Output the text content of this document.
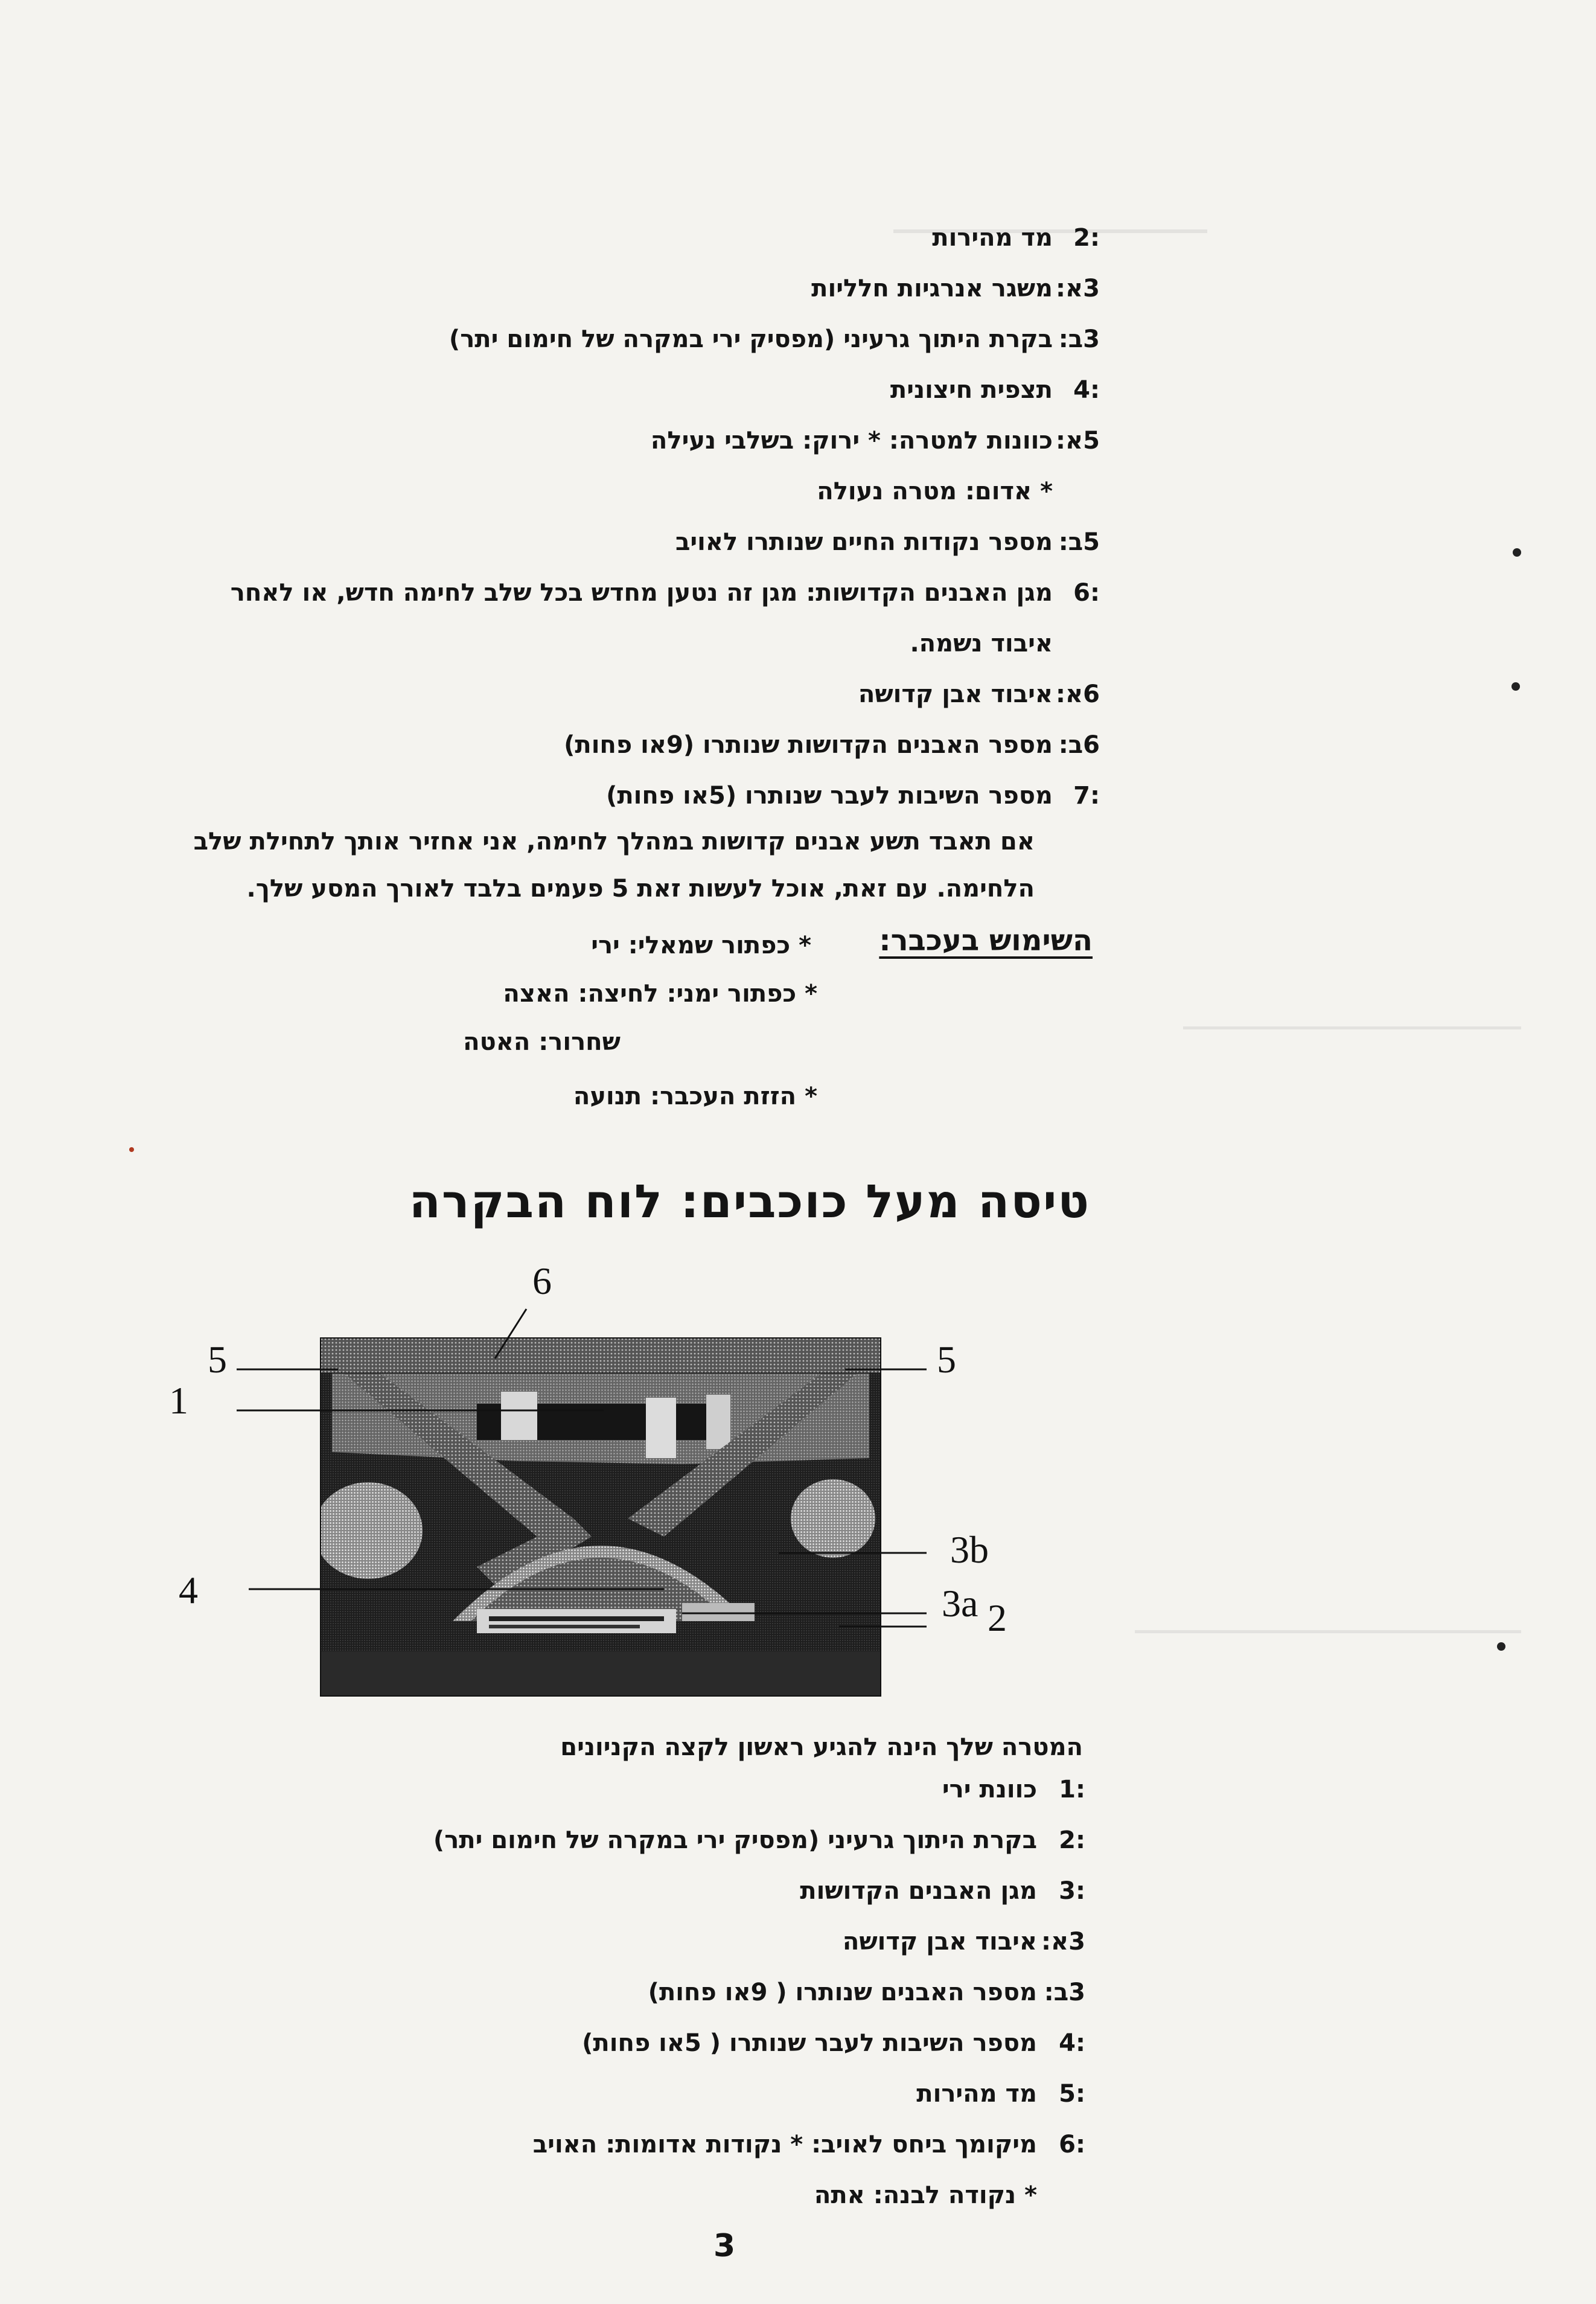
2:
מד מהירות
3א:
משגר אנרגיות חלליות
3ב:
בקרת היתוך גרעיני (מפסיק ירי במקרה של חימום יתר)
4:
תצפית חיצונית
5א:
כוונות למטרה: * ירוק: בשלבי נעילה
* אדום: מטרה נעולה
5ב:
מספר נקודות החיים שנותרו לאויב
6:
מגן האבנים הקדושות: מגן זה נטען מחדש בכל שלב לחימה חדש, או לאחר
איבוד נשמה.
6א:
איבוד אבן קדושה
6ב:
מספר האבנים הקדושות שנותרו (9או פחות)
7:
מספר השיבות לעבר שנותרו (5או פחות)
אם תאבד תשע אבנים קדושות במהלך לחימה, אני אחזיר אותך לתחילת שלב
הלחימה. עם זאת, אוכל לעשות זאת 5 פעמים בלבד לאורך המסע שלך.
השימוש בעכבר:
* כפתור שמאלי: ירי
* כפתור ימני: לחיצה: האצה
שחרור: האטה
* הזזת העכבר: תנועה
טיסה מעל כוכבים: לוח הבקרה
6
5
1
5
3b
4	3a 2
המטרה שלך הינה להגיע ראשון לקצה הקניונים
1:
כוונת ירי
2:
בקרת היתוך גרעיני (מפסיק ירי במקרה של חימום יתר)
3:
מגן האבנים הקדושות
3א:
איבוד אבן קדושה
3ב:
מספר האבנים שנותרו ( 9או פחות)
4:
מספר השיבות לעבר שנותרו ( 5או פחות)
5:
מד מהירות
6:
מיקומך ביחס לאויב: * נקודות אדומות: האויב
* נקודה לבנה: אתה
3
